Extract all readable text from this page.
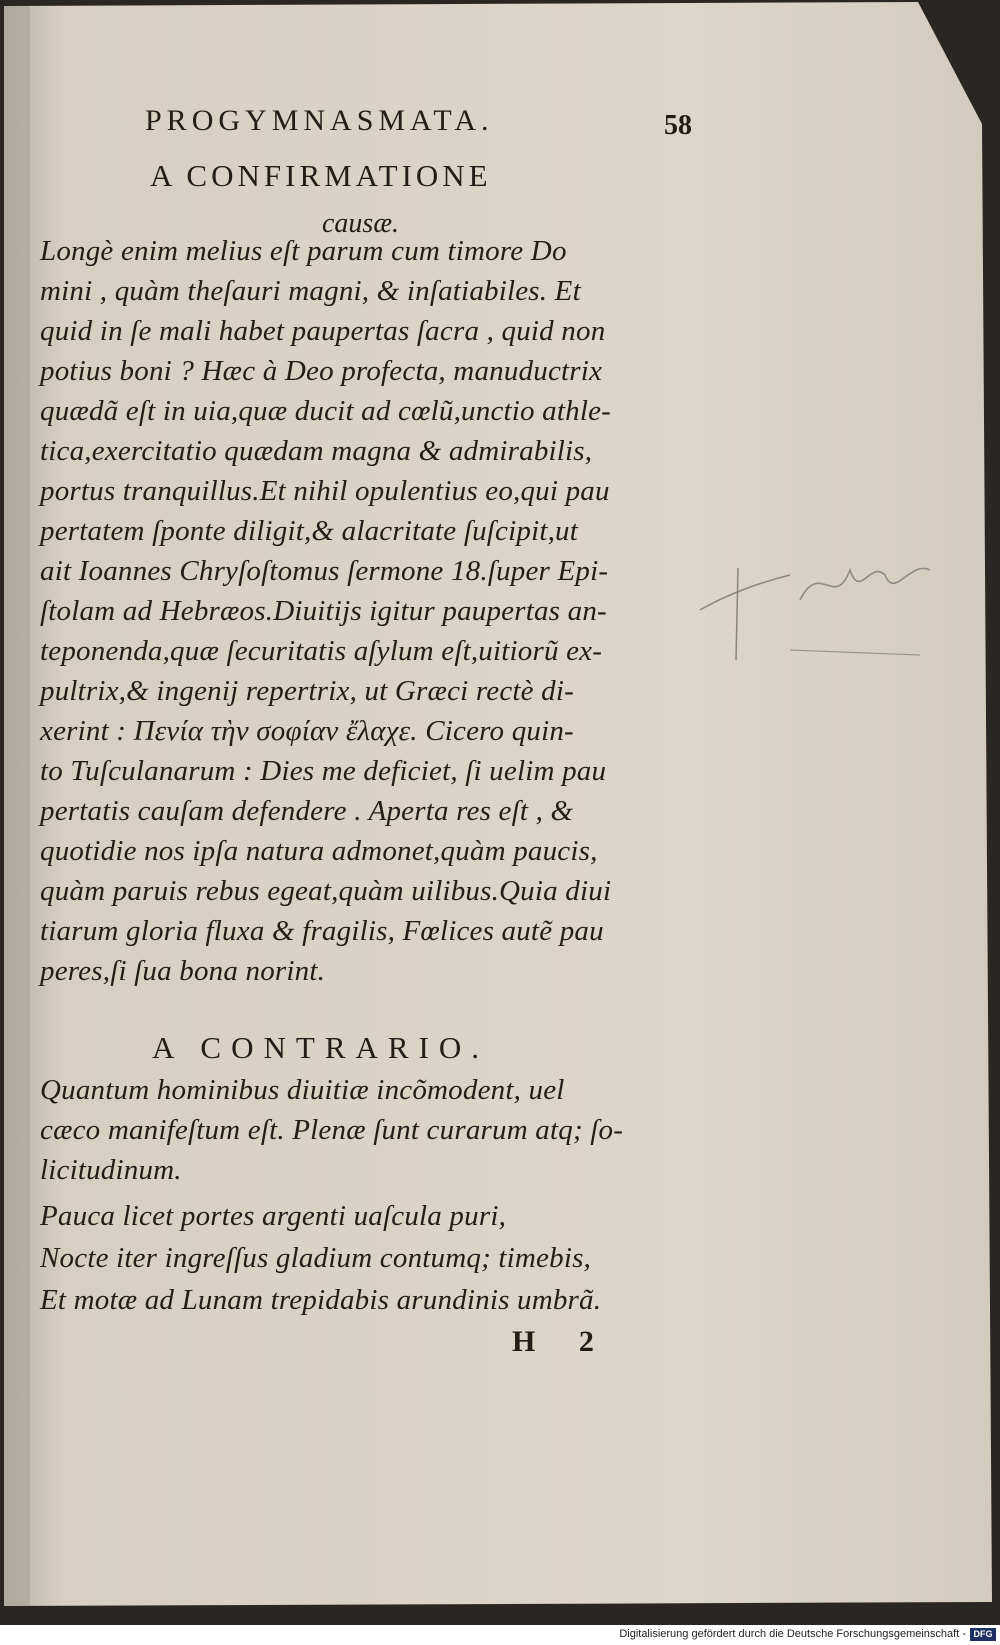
PROGYMNASMATA.	58
A CONFIRMATIONE
causæ.
Longè enim melius eſt parum cum timore Do
mini , quàm theſauri magni, & inſatiabiles. Et
quid in ſe mali habet paupertas ſacra , quid non
potius boni ? Hæc à Deo profecta, manuductrix
quædã eſt in uia,quæ ducit ad cœlũ,unctio athle-
tica,exercitatio quædam magna & admirabilis,
portus tranquillus.Et nihil opulentius eo,qui pau
pertatem ſponte diligit,& alacritate ſuſcipit,ut
ait Ioannes Chryſoſtomus ſermone 18.ſuper Epi-
ſtolam ad Hebræos.Diuitijs igitur paupertas an-
teponenda,quæ ſecuritatis aſylum eſt,uitiorũ ex-
pultrix,& ingenij repertrix, ut Græci rectè di-
xerint : Πενία τὴν σοφίαν ἔλαχε. Cicero quin-
to Tuſculanarum : Dies me deficiet, ſi uelim pau
pertatis cauſam defendere . Aperta res eſt , &
quotidie nos ipſa natura admonet,quàm paucis,
quàm paruis rebus egeat,quàm uilibus.Quia diui
tiarum gloria fluxa & fragilis, Fœlices autẽ pau
peres,ſi ſua bona norint.
A CONTRARIO.
Quantum hominibus diuitiæ incõmodent, uel
cæco manifeſtum eſt. Plenæ ſunt curarum atq; ſo-
licitudinum.
Pauca licet portes argenti uaſcula puri,
Nocte iter ingreſſus gladium contumq; timebis,
Et motæ ad Lunam trepidabis arundinis umbrã.
H 2
Digitalisierung gefördert durch die Deutsche Forschungsgemeinschaft - DFG
